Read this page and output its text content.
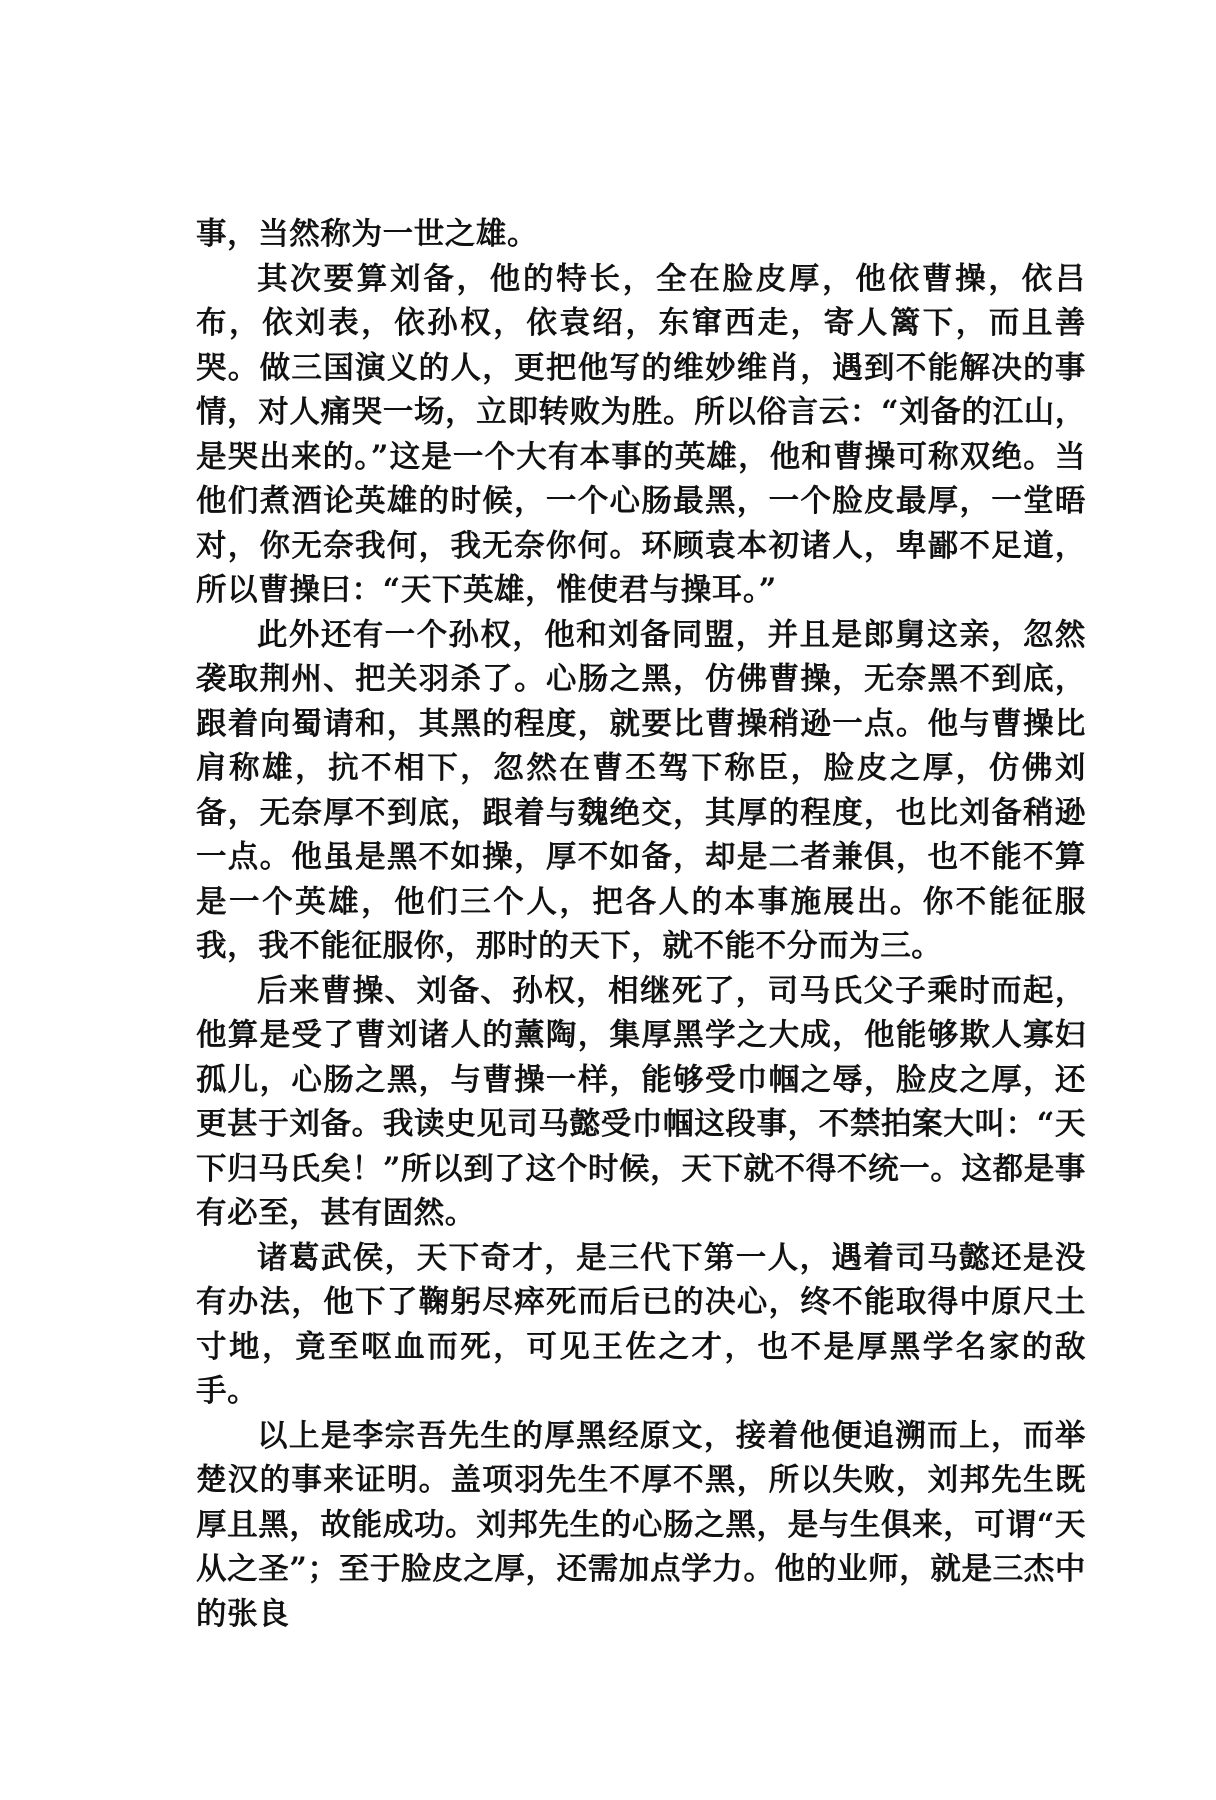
事，当然称为一世之雄。

其次要算刘备，他的特长，全在脸皮厚，他依曹操，依吕布，依刘表，依孙权，依袁绍，东窜西走，寄人篱下，而且善哭。做三国演义的人，更把他写的维妙维肖，遇到不能解决的事情，对人痛哭一场，立即转败为胜。所以俗言云：“刘备的江山，是哭出来的。”这是一个大有本事的英雄，他和曹操可称双绝。当他们煮酒论英雄的时候，一个心肠最黑，一个脸皮最厚，一堂晤对，你无奈我何，我无奈你何。环顾袁本初诸人，卑鄙不足道，所以曹操曰：“天下英雄，惟使君与操耳。”

此外还有一个孙权，他和刘备同盟，并且是郎舅这亲，忽然袭取荆州、把关羽杀了。心肠之黑，仿佛曹操，无奈黑不到底，跟着向蜀请和，其黑的程度，就要比曹操稍逊一点。他与曹操比肩称雄，抗不相下，忽然在曹丕驾下称臣，脸皮之厚，仿佛刘备，无奈厚不到底，跟着与魏绝交，其厚的程度，也比刘备稍逊一点。他虽是黑不如操，厚不如备，却是二者兼俱，也不能不算是一个英雄，他们三个人，把各人的本事施展出。你不能征服我，我不能征服你，那时的天下，就不能不分而为三。

后来曹操、刘备、孙权，相继死了，司马氏父子乘时而起，他算是受了曹刘诸人的薰陶，集厚黑学之大成，他能够欺人寡妇孤儿，心肠之黑，与曹操一样，能够受巾帼之辱，脸皮之厚，还更甚于刘备。我读史见司马懿受巾帼这段事，不禁拍案大叫：“天下归马氏矣！”所以到了这个时候，天下就不得不统一。这都是事有必至，甚有固然。

诸葛武侯，天下奇才，是三代下第一人，遇着司马懿还是没有办法，他下了鞠躬尽瘁死而后已的决心，终不能取得中原尺土寸地，竟至呕血而死，可见王佐之才，也不是厚黑学名家的敌手。

以上是李宗吾先生的厚黑经原文，接着他便追溯而上，而举楚汉的事来证明。盖项羽先生不厚不黑，所以失败，刘邦先生既厚且黑，故能成功。刘邦先生的心肠之黑，是与生俱来，可谓“天从之圣”；至于脸皮之厚，还需加点学力。他的业师，就是三杰中的张良
